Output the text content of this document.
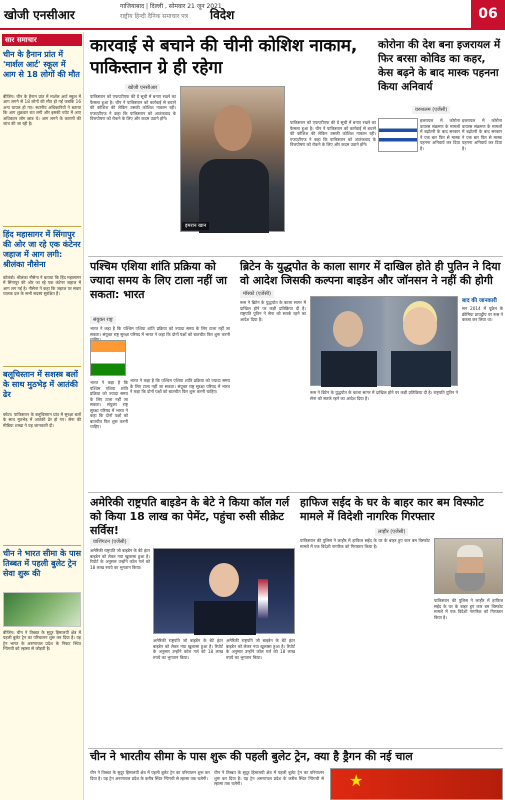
खोजी एनसीआर
गाजियाबाद | दिल्ली , सोमवार 21 जून 2021
राष्ट्रीय हिन्दी दैनिक समाचार पत्र विदेश	06
सार समाचार
चीन के हैनान प्रांत में 'मार्शल आर्ट' स्कूल में आग से 18 लोगों की मौत
बीजिंग। चीन के हैनान प्रांत में मार्शल आर्ट स्कूल में आग लगने से 18 लोगों की मौत हो गई जबकि 16 अन्य घायल हो गए। स्थानीय अधिकारियों ने बताया कि आग शुक्रवार रात लगी और इसकी चपेट में आए अधिकतर लोग छात्र थे। आग लगने के कारणों की जांच की जा रही है।
हिंद महासागर में सिंगापुर की ओर जा रहे एक कंटेनर जहाज में आग लगी: श्रीलंका नौसेना
कोलंबो। श्रीलंका नौसेना ने बताया कि हिंद महासागर में सिंगापुर की ओर जा रहे एक कंटेनर जहाज में आग लग गई है। नौसेना ने कहा कि जहाज पर सवार चालक दल के सभी सदस्य सुरक्षित हैं।
बलूचिस्तान में सशस्त्र बलों के साथ मुठभेड़ में आतंकी ढेर
क्वेटा। पाकिस्तान के बलूचिस्तान प्रांत में सुरक्षा बलों के साथ मुठभेड़ में आतंकी ढेर हो गए। सेना की मीडिया शाखा ने यह जानकारी दी।
चीन ने भारत सीमा के पास तिब्बत में पहली बुलेट ट्रेन सेवा शुरू की
बीजिंग। चीन ने तिब्बत के सुदूर हिमालयी क्षेत्र में पहली बुलेट ट्रेन का परिचालन शुरू कर दिया है। यह ट्रेन भारत के अरुणाचल प्रदेश के निकट स्थित न्यिंगची को ल्हासा से जोड़ती है।
कारवाई से बचाने की चीनी कोशिश नाकाम, पाकिस्तान ग्रे ही रहेगा
खोजी एनसीआर
पाकिस्तान को एफएटीएफ की ग्रे सूची में बनाए रखने का फैसला हुआ है। चीन ने पाकिस्तान को कार्रवाई से बचाने की कोशिश की लेकिन उसकी कोशिश नाकाम रही। एफएटीएफ ने कहा कि पाकिस्तान को आतंकवाद के वित्तपोषण को रोकने के लिए और कदम उठाने होंगे।
पाकिस्तान को एफएटीएफ की ग्रे सूची में बनाए रखने का फैसला हुआ है। चीन ने पाकिस्तान को कार्रवाई से बचाने की कोशिश की लेकिन उसकी कोशिश नाकाम रही। एफएटीएफ ने कहा कि पाकिस्तान को आतंकवाद के वित्तपोषण को रोकने के लिए और कदम उठाने होंगे।
इमरान खान
कोरोना की देश बना इजरायल में फिर बरसा कोविड का कहर, केस बढ़ने के बाद मास्क पहनना किया अनिवार्य
यरुशलम (एजेंसी)
इजरायल में कोरोना वायरस संक्रमण के मामलों में बढ़ोतरी के बाद सरकार ने एक बार फिर से मास्क पहनना अनिवार्य कर दिया है।
इजरायल में कोरोना वायरस संक्रमण के मामलों में बढ़ोतरी के बाद सरकार ने एक बार फिर से मास्क पहनना अनिवार्य कर दिया है।
पश्चिम एशिया शांति प्रक्रिया को ज्यादा समय के लिए टाला नहीं जा सकता: भारत
संयुक्त राष्ट्र
भारत ने कहा है कि पश्चिम एशिया शांति प्रक्रिया को ज्यादा समय के लिए टाला नहीं जा सकता। संयुक्त राष्ट्र सुरक्षा परिषद में भारत ने कहा कि दोनों पक्षों को बातचीत फिर शुरू करनी
भारत ने कहा है कि पश्चिम एशिया शांति प्रक्रिया को ज्यादा समय के लिए टाला नहीं जा सकता। संयुक्त राष्ट्र सुरक्षा परिषद में भारत ने कहा कि दोनों पक्षों को बातचीत फिर शुरू करनी चाहिए।
भारत ने कहा है कि पश्चिम एशिया शांति प्रक्रिया को ज्यादा समय के लिए टाला नहीं जा सकता। संयुक्त राष्ट्र सुरक्षा परिषद में भारत ने कहा कि दोनों पक्षों को बातचीत फिर शुरू करनी चाहिए।
ब्रिटेन के युद्धपोत के काला सागर में दाखिल होते ही पुतिन ने दिया वो आदेश जिसकी कल्पना बाइडेन और जॉनसन ने नहीं की होगी
मॉस्को (एजेंसी)
रूस ने ब्रिटेन के युद्धपोत के काला सागर में दाखिल होने पर कड़ी प्रतिक्रिया दी है। राष्ट्रपति पुतिन ने सेना को सतर्क रहने का आदेश दिया है।
रूस ने ब्रिटेन के युद्धपोत के काला सागर में दाखिल होने पर कड़ी प्रतिक्रिया दी है। राष्ट्रपति पुतिन ने सेना को सतर्क रहने का आदेश दिया है।
बाद की जानकारी
सन 2014 में यूक्रेन के क्रीमिया प्रायद्वीप पर रूस ने कब्जा कर लिया था।
अमेरिकी राष्ट्रपति बाइडेन के बेटे ने किया कॉल गर्ल को किया 18 लाख का पेमेंट, पहुंचा रुसी सीक्रेट सर्विस!
वाशिंगटन (एजेंसी)
अमेरिकी राष्ट्रपति जो बाइडेन के बेटे हंटर बाइडेन को लेकर नया खुलासा हुआ है। रिपोर्ट के अनुसार उन्होंने कॉल गर्ल को 18 लाख रुपये का भुगतान किया।
अमेरिकी राष्ट्रपति जो बाइडेन के बेटे हंटर बाइडेन को लेकर नया खुलासा हुआ है। रिपोर्ट के अनुसार उन्होंने कॉल गर्ल को 18 लाख रुपये का भुगतान किया।
अमेरिकी राष्ट्रपति जो बाइडेन के बेटे हंटर बाइडेन को लेकर नया खुलासा हुआ है। रिपोर्ट के अनुसार उन्होंने कॉल गर्ल को 18 लाख रुपये का भुगतान किया।
हाफिज सईद के घर के बाहर कार बम विस्फोट मामले में विदेशी नागरिक गिरफ्तार
लाहौर (एजेंसी)
पाकिस्तान की पुलिस ने लाहौर में हाफिज सईद के घर के बाहर हुए कार बम विस्फोट मामले में एक विदेशी नागरिक को गिरफ्तार किया है।
पाकिस्तान की पुलिस ने लाहौर में हाफिज सईद के घर के बाहर हुए कार बम विस्फोट मामले में एक विदेशी नागरिक को गिरफ्तार किया है।
चीन ने भारतीय सीमा के पास शुरू की पहली बुलेट ट्रेन, क्या है ड्रैगन की नई चाल
चीन ने तिब्बत के सुदूर हिमालयी क्षेत्र में पहली बुलेट ट्रेन का परिचालन शुरू कर दिया है। यह ट्रेन अरुणाचल प्रदेश के करीब स्थित न्यिंगची से ल्हासा तक चलेगी।
चीन ने तिब्बत के सुदूर हिमालयी क्षेत्र में पहली बुलेट ट्रेन का परिचालन शुरू कर दिया है। यह ट्रेन अरुणाचल प्रदेश के करीब स्थित न्यिंगची से ल्हासा तक चलेगी।	★
